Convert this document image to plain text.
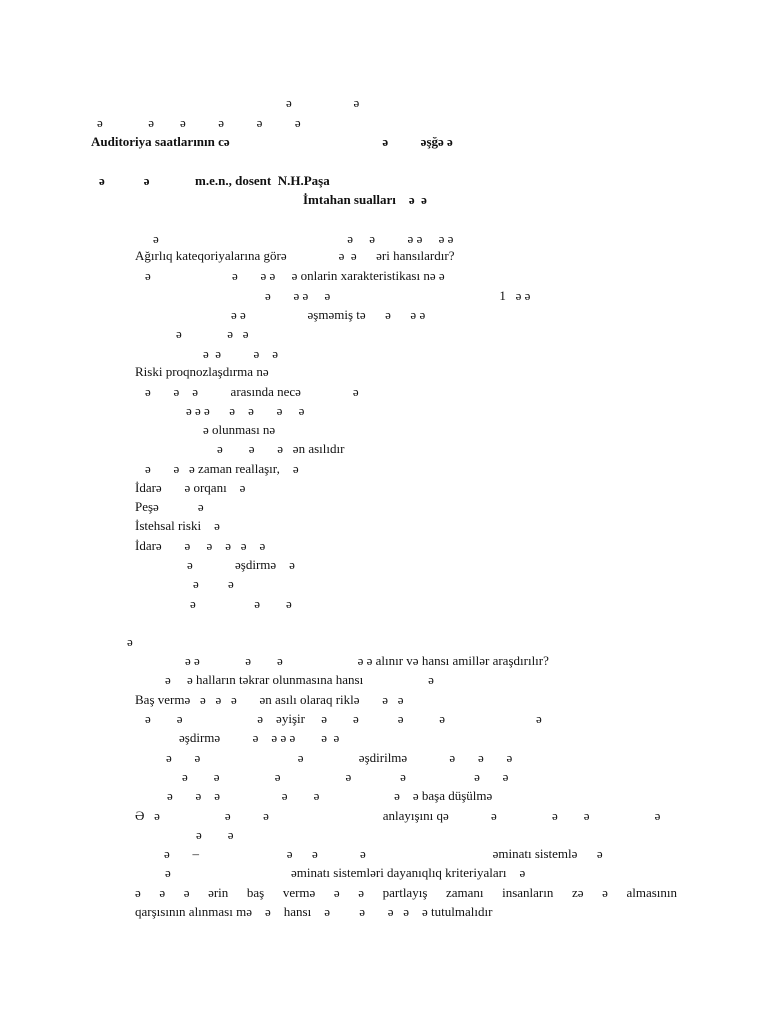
ə                   ə
ə              ə        ə          ə          ə          ə
Auditoriya saatlarının cə                                               ə          əşğə ə
ə            ə              m.e.n., dosent  N.H.Paşa
İmtahan sualları    ə  ə
ə                                                          ə     ə          ə ə     ə ə
Ağırlıq kateqoriyalarına görə                ə  ə      əri hansılardır?
ə                         ə       ə ə     ə onlarin xarakteristikası nə ə
ə       ə ə     ə                                                    1   ə ə
ə ə                   əşməmiş tə      ə      ə ə
ə              ə   ə
ə  ə          ə    ə
Riski proqnozlaşdırma nə
ə       ə    ə          arasında necə                ə
ə ə ə      ə    ə       ə     ə
ə olunması nə
ə        ə       ə   ən asılıdır
ə       ə   ə zaman reallaşır,    ə
İdarə       ə orqanı    ə
Peşə            ə
İstehsal riski    ə
İdarə       ə     ə    ə   ə    ə
ə             əşdirmə    ə
ə         ə
ə                  ə        ə
ə
ə ə              ə        ə                       ə ə alınır və hansı amillər araşdırılır?
ə     ə halların təkrar olunmasına hansı                    ə
Baş vermə   ə   ə   ə       ən asılı olaraq riklə       ə   ə
ə        ə                       ə    əyişir     ə        ə            ə           ə                            ə
əşdirmə          ə    ə ə ə        ə  ə
ə       ə                              ə                 əşdirilmə             ə       ə       ə
ə        ə                 ə                    ə               ə                     ə       ə
ə       ə    ə                   ə        ə                       ə    ə başa düşülmə
Ə   ə                    ə          ə                                   anlayışını qə             ə                 ə        ə                    ə
ə        ə
ə       –                           ə      ə             ə                                       əminatı sistemlə      ə
ə                                     əminatı sistemləri dayanıqlıq kriteriyaları    ə
ə ə ə ərin baş vermə ə ə partlayış zamanı insanların zə ə almasının
qarşısının alınması mə    ə    hansı    ə         ə       ə   ə    ə tutulmalıdır
